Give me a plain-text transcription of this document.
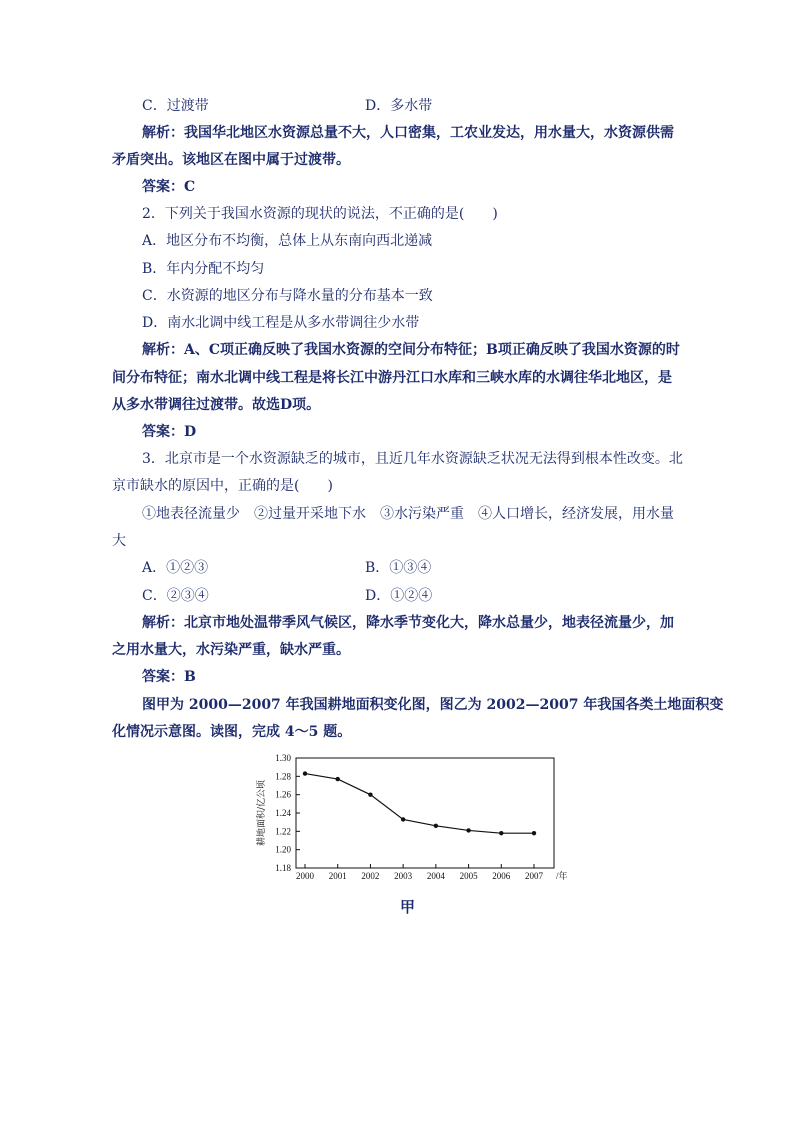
C．过渡带	D．多水带
解析：我国华北地区水资源总量不大，人口密集，工农业发达，用水量大，水资源供需
矛盾突出。该地区在图中属于过渡带。
答案：C
2．下列关于我国水资源的现状的说法，不正确的是(　　)
A．地区分布不均衡，总体上从东南向西北递减
B．年内分配不均匀
C．水资源的地区分布与降水量的分布基本一致
D．南水北调中线工程是从多水带调往少水带
解析：A、C项正确反映了我国水资源的空间分布特征；B项正确反映了我国水资源的时
间分布特征；南水北调中线工程是将长江中游丹江口水库和三峡水库的水调往华北地区，是
从多水带调往过渡带。故选D项。
答案：D
3．北京市是一个水资源缺乏的城市，且近几年水资源缺乏状况无法得到根本性改变。北
京市缺水的原因中，正确的是(　　)
①地表径流量少　②过量开采地下水　③水污染严重　④人口增长，经济发展，用水量
大
A．①②③	B．①③④
C．②③④	D．①②④
解析：北京市地处温带季风气候区，降水季节变化大，降水总量少，地表径流量少，加
之用水量大，水污染严重，缺水严重。
答案：B
图甲为 2000—2007 年我国耕地面积变化图，图乙为 2002—2007 年我国各类土地面积变
化情况示意图。读图，完成 4～5 题。
1.18
1.20
1.22
1.24
1.26
1.28
1.30
2000 2001 2002 2003 2004 2005 2006 2007 /年
耕地面积/亿公顷
甲
